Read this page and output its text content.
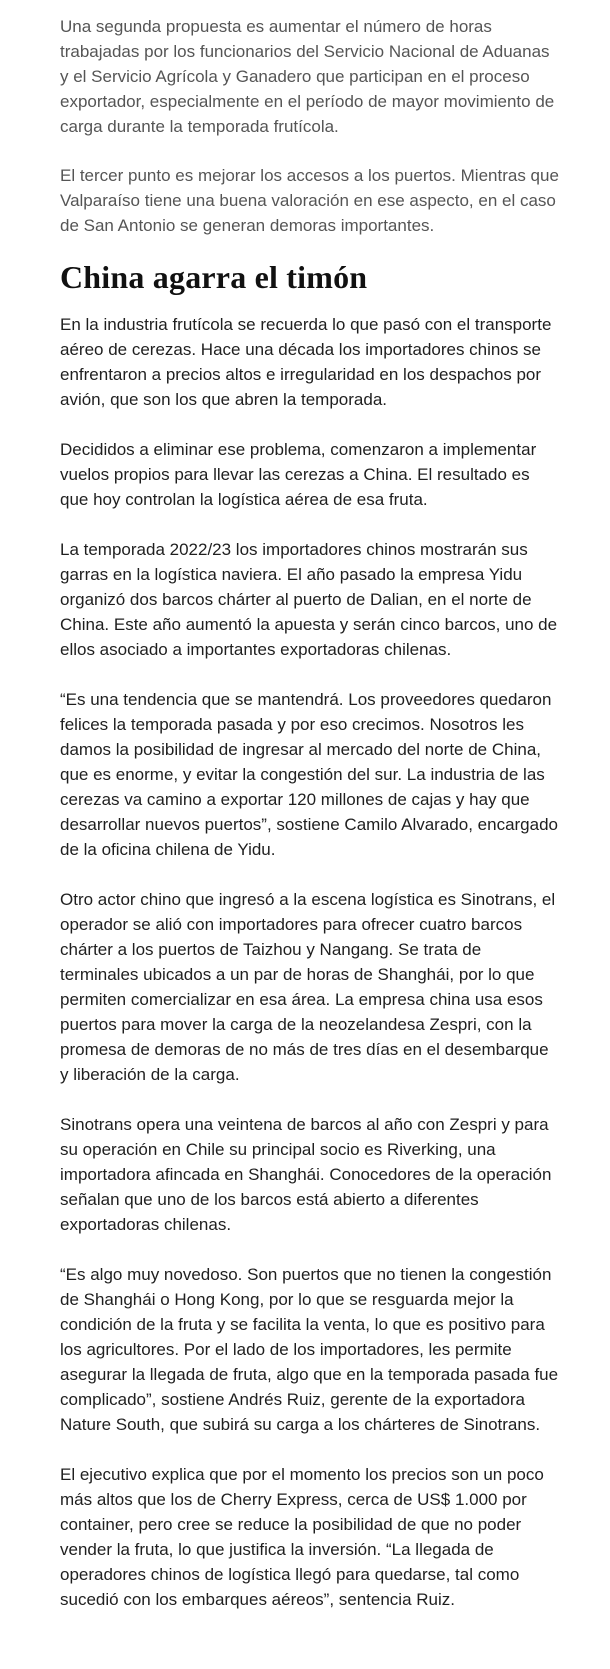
Una segunda propuesta es aumentar el número de horas trabajadas por los funcionarios del Servicio Nacional de Aduanas y el Servicio Agrícola y Ganadero que participan en el proceso exportador, especialmente en el período de mayor movimiento de carga durante la temporada frutícola.

El tercer punto es mejorar los accesos a los puertos. Mientras que Valparaíso tiene una buena valoración en ese aspecto, en el caso de San Antonio se generan demoras importantes.

China agarra el timón

En la industria frutícola se recuerda lo que pasó con el transporte aéreo de cerezas. Hace una década los importadores chinos se enfrentaron a precios altos e irregularidad en los despachos por avión, que son los que abren la temporada.

Decididos a eliminar ese problema, comenzaron a implementar vuelos propios para llevar las cerezas a China. El resultado es que hoy controlan la logística aérea de esa fruta.

La temporada 2022/23 los importadores chinos mostrarán sus garras en la logística naviera. El año pasado la empresa Yidu organizó dos barcos chárter al puerto de Dalian, en el norte de China. Este año aumentó la apuesta y serán cinco barcos, uno de ellos asociado a importantes exportadoras chilenas.

“Es una tendencia que se mantendrá. Los proveedores quedaron felices la temporada pasada y por eso crecimos. Nosotros les damos la posibilidad de ingresar al mercado del norte de China, que es enorme, y evitar la congestión del sur. La industria de las cerezas va camino a exportar 120 millones de cajas y hay que desarrollar nuevos puertos”, sostiene Camilo Alvarado, encargado de la oficina chilena de Yidu.

Otro actor chino que ingresó a la escena logística es Sinotrans, el operador se alió con importadores para ofrecer cuatro barcos chárter a los puertos de Taizhou y Nangang. Se trata de terminales ubicados a un par de horas de Shanghái, por lo que permiten comercializar en esa área. La empresa china usa esos puertos para mover la carga de la neozelandesa Zespri, con la promesa de demoras de no más de tres días en el desembarque y liberación de la carga.

Sinotrans opera una veintena de barcos al año con Zespri y para su operación en Chile su principal socio es Riverking, una importadora afincada en Shanghái. Conocedores de la operación señalan que uno de los barcos está abierto a diferentes exportadoras chilenas.

“Es algo muy novedoso. Son puertos que no tienen la congestión de Shanghái o Hong Kong, por lo que se resguarda mejor la condición de la fruta y se facilita la venta, lo que es positivo para los agricultores. Por el lado de los importadores, les permite asegurar la llegada de fruta, algo que en la temporada pasada fue complicado”, sostiene Andrés Ruiz, gerente de la exportadora Nature South, que subirá su carga a los chárteres de Sinotrans.

El ejecutivo explica que por el momento los precios son un poco más altos que los de Cherry Express, cerca de US$ 1.000 por container, pero cree se reduce la posibilidad de que no poder vender la fruta, lo que justifica la inversión. “La llegada de operadores chinos de logística llegó para quedarse, tal como sucedió con los embarques aéreos”, sentencia Ruiz.
